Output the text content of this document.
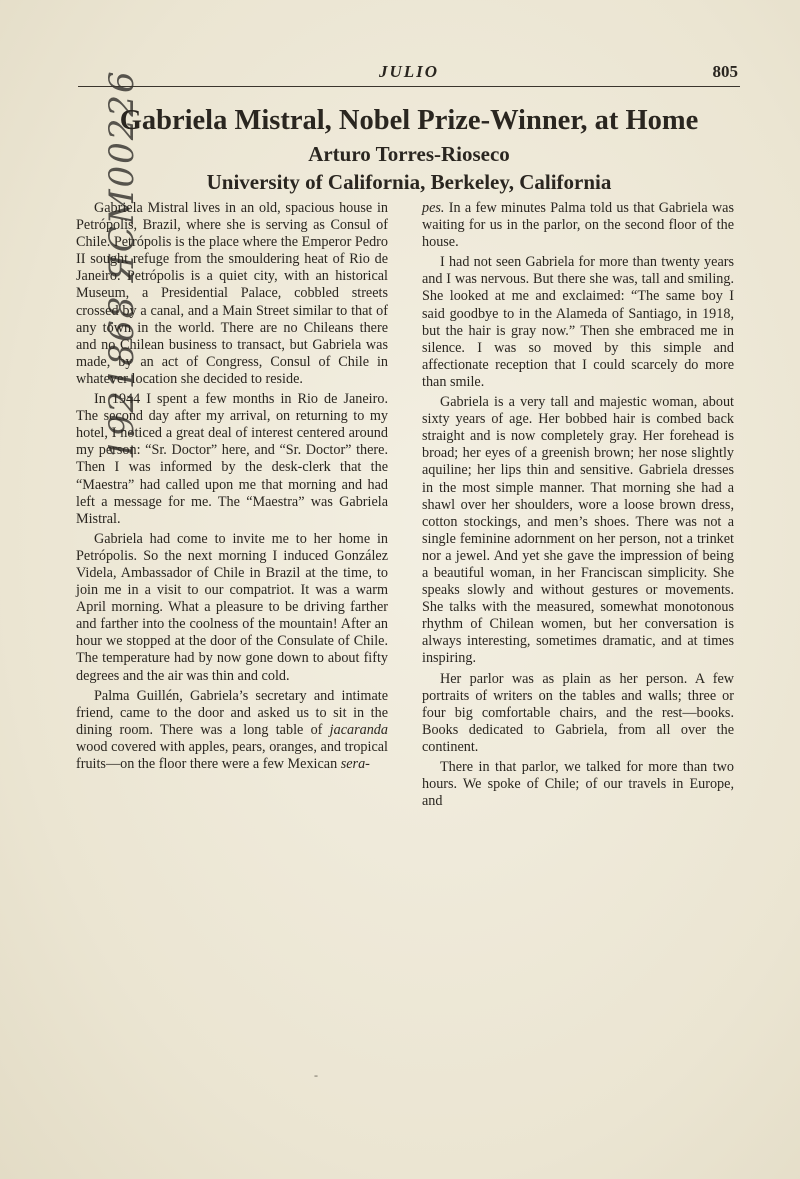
1921868 ЯСМ00226	JULIO	805
Gabriela Mistral, Nobel Prize-Winner, at Home
Arturo Torres-Rioseco
University of California, Berkeley, California

Gabriela Mistral lives in an old, spacious house in Petrópolis, Brazil, where she is serving as Consul of Chile. Petrópolis is the place where the Emperor Pedro II sought refuge from the smouldering heat of Rio de Janeiro. Petrópolis is a quiet city, with an historical Museum, a Presidential Palace, cobbled streets crossed by a canal, and a Main Street similar to that of any town in the world. There are no Chileans there and no Chilean business to transact, but Gabriela was made, by an act of Congress, Consul of Chile in whatever location she decided to reside.

In 1944 I spent a few months in Rio de Janeiro. The second day after my arrival, on returning to my hotel, I noticed a great deal of interest centered around my person: “Sr. Doctor” here, and “Sr. Doctor” there. Then I was informed by the desk-clerk that the “Maestra” had called upon me that morning and had left a message for me. The “Maestra” was Gabriela Mistral.

Gabriela had come to invite me to her home in Petrópolis. So the next morning I induced González Videla, Ambassador of Chile in Brazil at the time, to join me in a visit to our compatriot. It was a warm April morning. What a pleasure to be driving farther and farther into the coolness of the mountain! After an hour we stopped at the door of the Consulate of Chile. The temperature had by now gone down to about fifty degrees and the air was thin and cold.

Palma Guillén, Gabriela’s secretary and intimate friend, came to the door and asked us to sit in the dining room. There was a long table of jacaranda wood covered with apples, pears, oranges, and tropical fruits—on the floor there were a few Mexican sera-

pes. In a few minutes Palma told us that Gabriela was waiting for us in the parlor, on the second floor of the house.

I had not seen Gabriela for more than twenty years and I was nervous. But there she was, tall and smiling. She looked at me and exclaimed: “The same boy I said goodbye to in the Alameda of Santiago, in 1918, but the hair is gray now.” Then she embraced me in silence. I was so moved by this simple and affectionate reception that I could scarcely do more than smile.

Gabriela is a very tall and majestic woman, about sixty years of age. Her bobbed hair is combed back straight and is now completely gray. Her forehead is broad; her eyes of a greenish brown; her nose slightly aquiline; her lips thin and sensitive. Gabriela dresses in the most simple manner. That morning she had a shawl over her shoulders, wore a loose brown dress, cotton stockings, and men’s shoes. There was not a single feminine adornment on her person, not a trinket nor a jewel. And yet she gave the impression of being a beautiful woman, in her Franciscan simplicity. She speaks slowly and without gestures or movements. She talks with the measured, somewhat monotonous rhythm of Chilean women, but her conversation is always interesting, sometimes dramatic, and at times inspiring.

Her parlor was as plain as her person. A few portraits of writers on the tables and walls; three or four big comfortable chairs, and the rest—books. Books dedicated to Gabriela, from all over the continent.

There in that parlor, we talked for more than two hours. We spoke of Chile; of our travels in Europe, and

-
